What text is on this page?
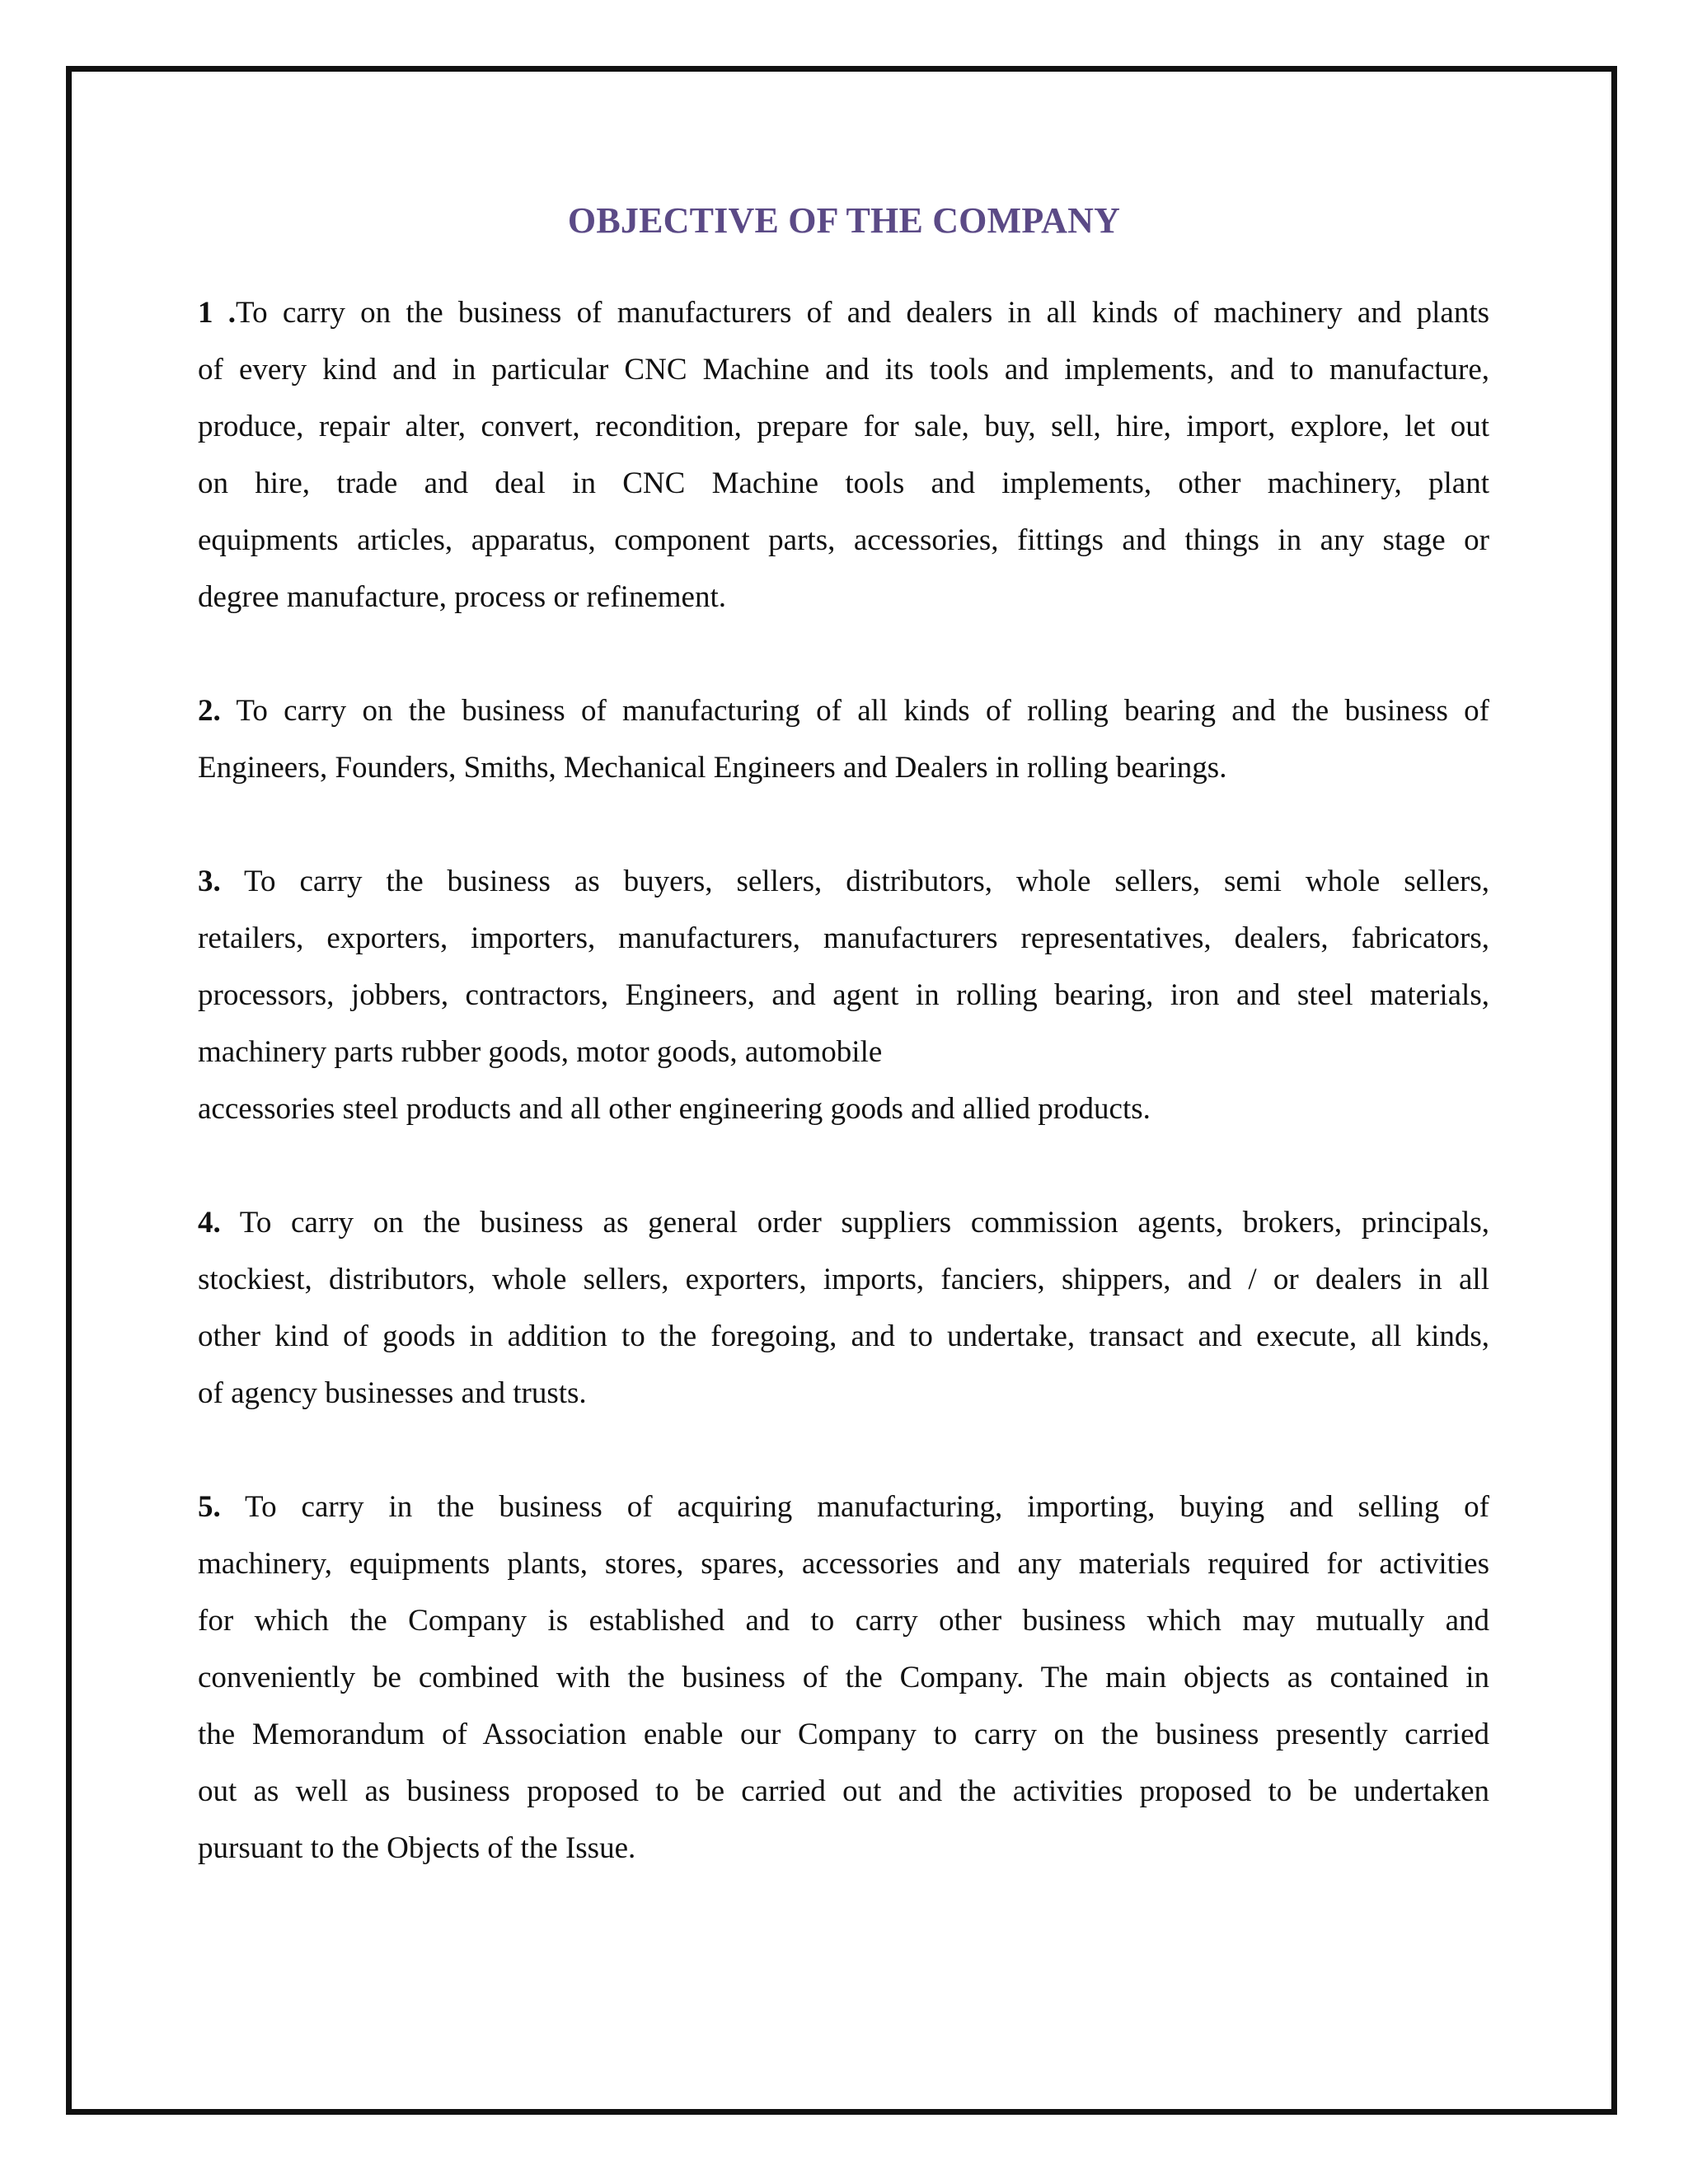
OBJECTIVE OF THE COMPANY

1 .To carry on the business of manufacturers of and dealers in all kinds of machinery and plants
of every kind and in particular CNC Machine and its tools and implements, and to manufacture,
produce, repair alter, convert, recondition, prepare for sale, buy, sell, hire, import, explore, let out
on hire, trade and deal in CNC Machine tools and implements, other machinery, plant
equipments articles, apparatus, component parts, accessories, fittings and things in any stage or
degree manufacture, process or refinement.

2. To carry on the business of manufacturing of all kinds of rolling bearing and the business of
Engineers, Founders, Smiths, Mechanical Engineers and Dealers in rolling bearings.

3. To carry the business as buyers, sellers, distributors, whole sellers, semi whole sellers,
retailers, exporters, importers, manufacturers, manufacturers representatives, dealers, fabricators,
processors, jobbers, contractors, Engineers, and agent in rolling bearing, iron and steel materials,
machinery parts rubber goods, motor goods, automobile
accessories steel products and all other engineering goods and allied products.

4. To carry on the business as general order suppliers commission agents, brokers, principals,
stockiest, distributors, whole sellers, exporters, imports, fanciers, shippers, and / or dealers in all
other kind of goods in addition to the foregoing, and to undertake, transact and execute, all kinds,
of agency businesses and trusts.

5. To carry in the business of acquiring manufacturing, importing, buying and selling of
machinery, equipments plants, stores, spares, accessories and any materials required for activities
for which the Company is established and to carry other business which may mutually and
conveniently be combined with the business of the Company. The main objects as contained in
the Memorandum of Association enable our Company to carry on the business presently carried
out as well as business proposed to be carried out and the activities proposed to be undertaken
pursuant to the Objects of the Issue.
